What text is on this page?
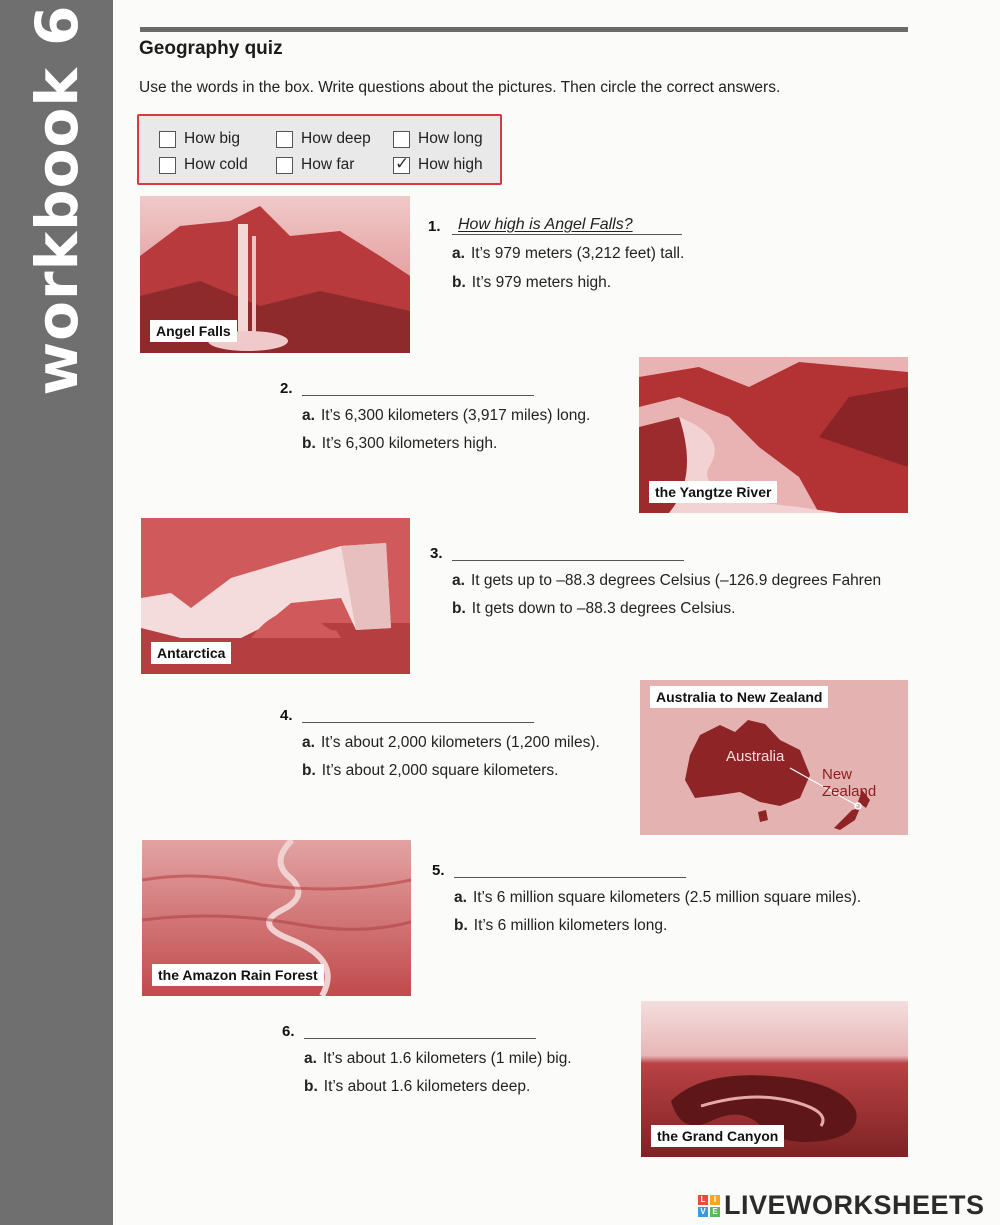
workbook 6	Geography quiz
Use the words in the box. Write questions about the pictures. Then circle the correct answers.
How big	How deep	How long
How cold	How far
✓	How high
Angel Falls
1. How high is Angel Falls?
a. It’s 979 meters (3,212 feet) tall.
b. It’s 979 meters high.
2.
a. It’s 6,300 kilometers (3,917 miles) long.
b. It’s 6,300 kilometers high.
the Yangtze River
Antarctica
3.
a. It gets up to –88.3 degrees Celsius (–126.9 degrees Fahren
b. It gets down to –88.3 degrees Celsius.
4.
a. It’s about 2,000 kilometers (1,200 miles).
b. It’s about 2,000 square kilometers.
Australia to New Zealand
Australia
New Zealand
the Amazon Rain Forest
5.
a. It’s 6 million square kilometers (2.5 million square miles).
b. It’s 6 million kilometers long.
6.
a. It’s about 1.6 kilometers (1 mile) big.
b. It’s about 1.6 kilometers deep.
the Grand Canyon
L	I
V E LIVEWORKSHEETS
